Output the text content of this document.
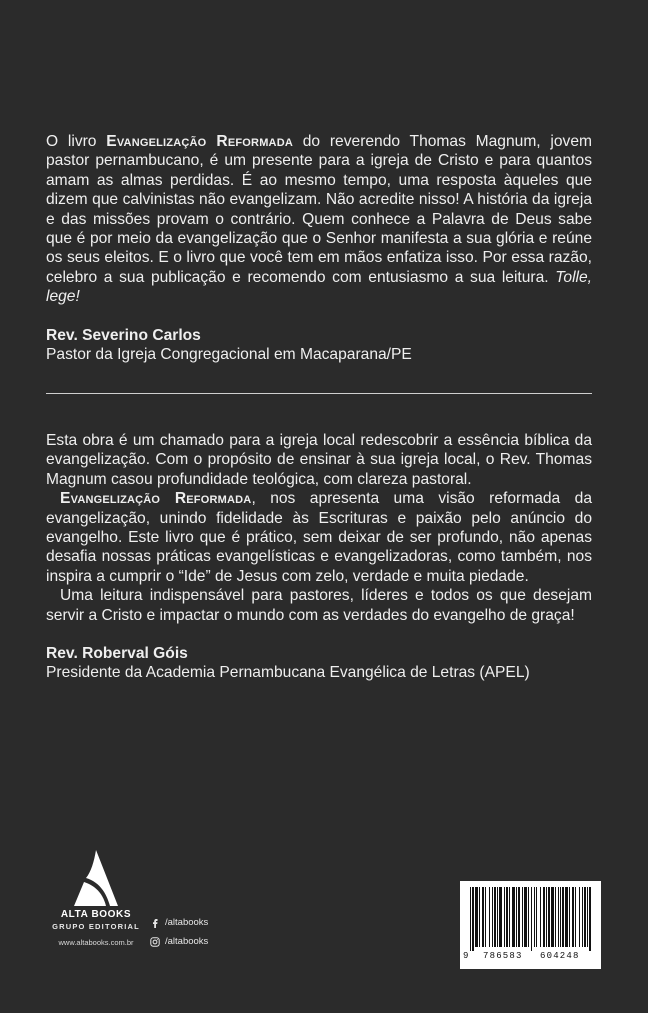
O livro Evangelização Reformada do reverendo Thomas Magnum, jovem pastor pernambucano, é um presente para a igreja de Cristo e para quantos amam as almas perdidas. É ao mesmo tempo, uma resposta àqueles que dizem que calvinistas não evangelizam. Não acredite nisso! A história da igreja e das missões provam o contrário. Quem conhece a Palavra de Deus sabe que é por meio da evangelização que o Senhor manifesta a sua glória e reúne os seus eleitos. E o livro que você tem em mãos enfatiza isso. Por essa razão, celebro a sua publicação e recomendo com entusiasmo a sua leitura. Tolle, lege!

Rev. Severino Carlos

Pastor da Igreja Congregacional em Macaparana/PE

Esta obra é um chamado para a igreja local redescobrir a essência bíblica da evangelização. Com o propósito de ensinar à sua igreja local, o Rev. Thomas Magnum casou profundidade teológica, com clareza pastoral.

Evangelização Reformada, nos apresenta uma visão reformada da evangelização, unindo fidelidade às Escrituras e paixão pelo anúncio do evangelho. Este livro que é prático, sem deixar de ser profundo, não apenas desafia nossas práticas evangelísticas e evangelizadoras, como também, nos inspira a cumprir o “Ide” de Jesus com zelo, verdade e muita piedade.

Uma leitura indispensável para pastores, líderes e todos os que desejam servir a Cristo e impactar o mundo com as verdades do evangelho de graça!

Rev. Roberval Góis

Presidente da Academia Pernambucana Evangélica de Letras (APEL)

ALTA BOOKS
GRUPO EDITORIAL
www.altabooks.com.br
/altabooks
/altabooks
9 786583 604248
